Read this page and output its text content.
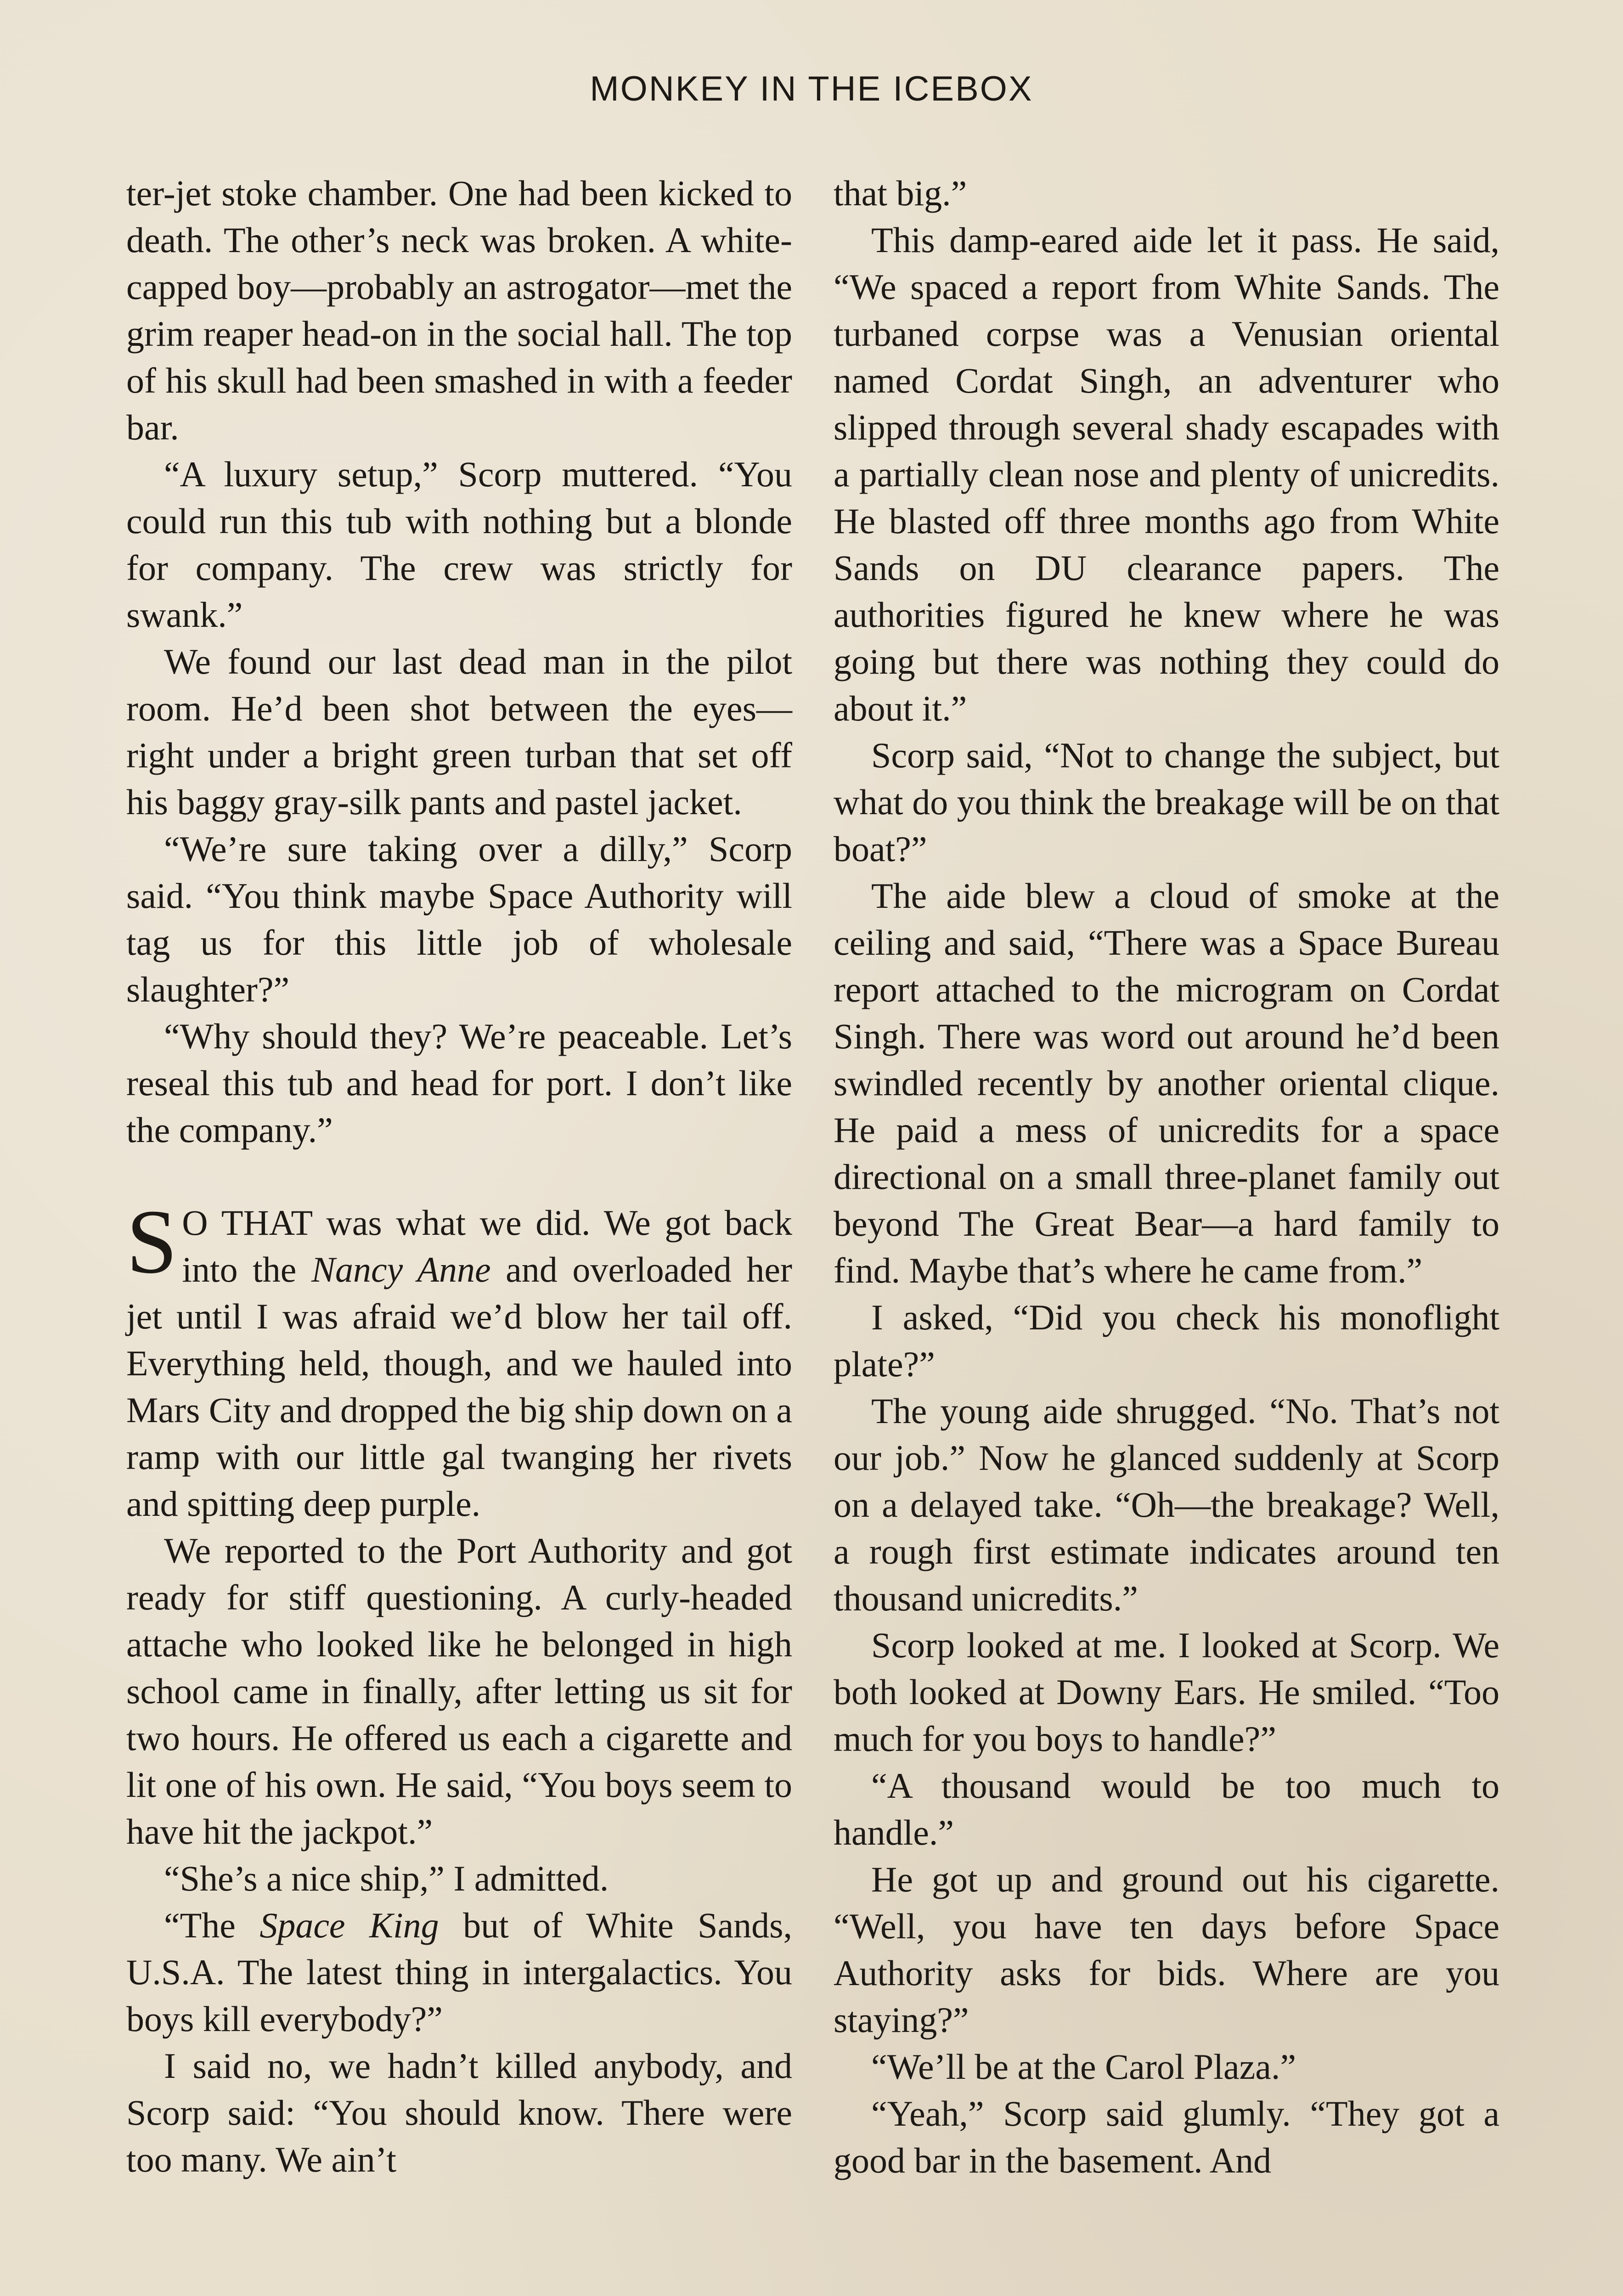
MONKEY IN THE ICEBOX

ter-jet stoke chamber. One had been kicked to death. The other’s neck was broken. A white-capped boy—probably an astrogator—met the grim reaper head-on in the social hall. The top of his skull had been smashed in with a feeder bar.

“A luxury setup,” Scorp muttered. “You could run this tub with nothing but a blonde for company. The crew was strictly for swank.”

We found our last dead man in the pilot room. He’d been shot between the eyes—right under a bright green turban that set off his baggy gray-silk pants and pastel jacket.

“We’re sure taking over a dilly,” Scorp said. “You think maybe Space Authority will tag us for this little job of wholesale slaughter?”

“Why should they? We’re peaceable. Let’s reseal this tub and head for port. I don’t like the company.”

S O THAT was what we did. We got back into the Nancy Anne and overloaded her jet until I was afraid we’d blow her tail off. Everything held, though, and we hauled into Mars City and dropped the big ship down on a ramp with our little gal twanging her rivets and spitting deep purple.

We reported to the Port Authority and got ready for stiff questioning. A curly-headed attache who looked like he belonged in high school came in finally, after letting us sit for two hours. He offered us each a cigarette and lit one of his own. He said, “You boys seem to have hit the jackpot.”

“She’s a nice ship,” I admitted.

“The Space King but of White Sands, U.S.A. The latest thing in intergalactics. You boys kill everybody?”

I said no, we hadn’t killed anybody, and Scorp said: “You should know. There were too many. We ain’t

that big.”

This damp-eared aide let it pass. He said, “We spaced a report from White Sands. The turbaned corpse was a Venusian oriental named Cordat Singh, an adventurer who slipped through several shady escapades with a partially clean nose and plenty of unicredits. He blasted off three months ago from White Sands on DU clearance papers. The authorities figured he knew where he was going but there was nothing they could do about it.”

Scorp said, “Not to change the subject, but what do you think the breakage will be on that boat?”

The aide blew a cloud of smoke at the ceiling and said, “There was a Space Bureau report attached to the microgram on Cordat Singh. There was word out around he’d been swindled recently by another oriental clique. He paid a mess of unicredits for a space directional on a small three-planet family out beyond The Great Bear—a hard family to find. Maybe that’s where he came from.”

I asked, “Did you check his monoflight plate?”

The young aide shrugged. “No. That’s not our job.” Now he glanced suddenly at Scorp on a delayed take. “Oh—the breakage? Well, a rough first estimate indicates around ten thousand unicredits.”

Scorp looked at me. I looked at Scorp. We both looked at Downy Ears. He smiled. “Too much for you boys to handle?”

“A thousand would be too much to handle.”

He got up and ground out his cigarette. “Well, you have ten days before Space Authority asks for bids. Where are you staying?”

“We’ll be at the Carol Plaza.”

“Yeah,” Scorp said glumly. “They got a good bar in the basement. And
